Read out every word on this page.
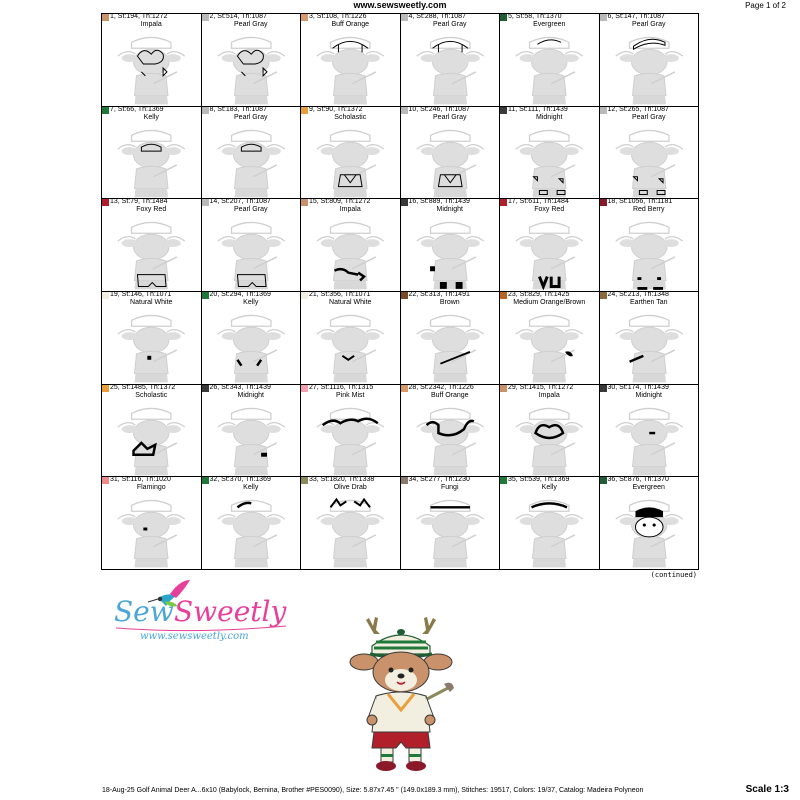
www.sewsweetly.com	Page 1 of 2
1, St:194, Th:1272
Impala
2, St:514, Th:1087
Pearl Gray
3, St:108, Th:1226
Buff Orange
4, St:288, Th:1087
Pearl Gray
5, St:58, Th:1370
Evergreen
6, St:147, Th:1087
Pearl Gray
7, St:66, Th:1369
Kelly
8, St:183, Th:1087
Pearl Gray
9, St:90, Th:1372
Scholastic
10, St:246, Th:1087
Pearl Gray
11, St:111, Th:1439
Midnight
12, St:265, Th:1087
Pearl Gray
13, St:79, Th:1484
Foxy Red
14, St:207, Th:1087
Pearl Gray
15, St:809, Th:1272
Impala
16, St:889, Th:1439
Midnight
17, St:611, Th:1484
Foxy Red
18, St:1056, Th:1181
Red Berry
19, St:146, Th:1071
Natural White
20, St:294, Th:1369
Kelly
21, St:356, Th:1071
Natural White
22, St:313, Th:1491
Brown
23, St:829, Th:1425
Medium Orange/Brown
24, St:213, Th:1348
Earthen Tan
25, St:1485, Th:1372
Scholastic
26, St:343, Th:1439
Midnight
27, St:1116, Th:1315
Pink Mist
28, St:2342, Th:1226
Buff Orange
29, St:1415, Th:1272
Impala
30, St:174, Th:1439
Midnight
31, St:116, Th:1020
Flamingo
32, St:370, Th:1369
Kelly
33, St:1820, Th:1338
Olive Drab
34, St:277, Th:1230
Fungi
35, St:539, Th:1369
Kelly
36, St:876, Th:1370
Evergreen
(continued)
Sew Sweetly
www.sewsweetly.com
18-Aug-25 Golf Animal Deer A...6x10 (Babylock, Bernina, Brother #PES0090), Size: 5.87x7.45 " (149.0x189.3 mm), Stitches: 19517, Colors: 19/37, Catalog: Madeira Polyneon	Scale 1:3
